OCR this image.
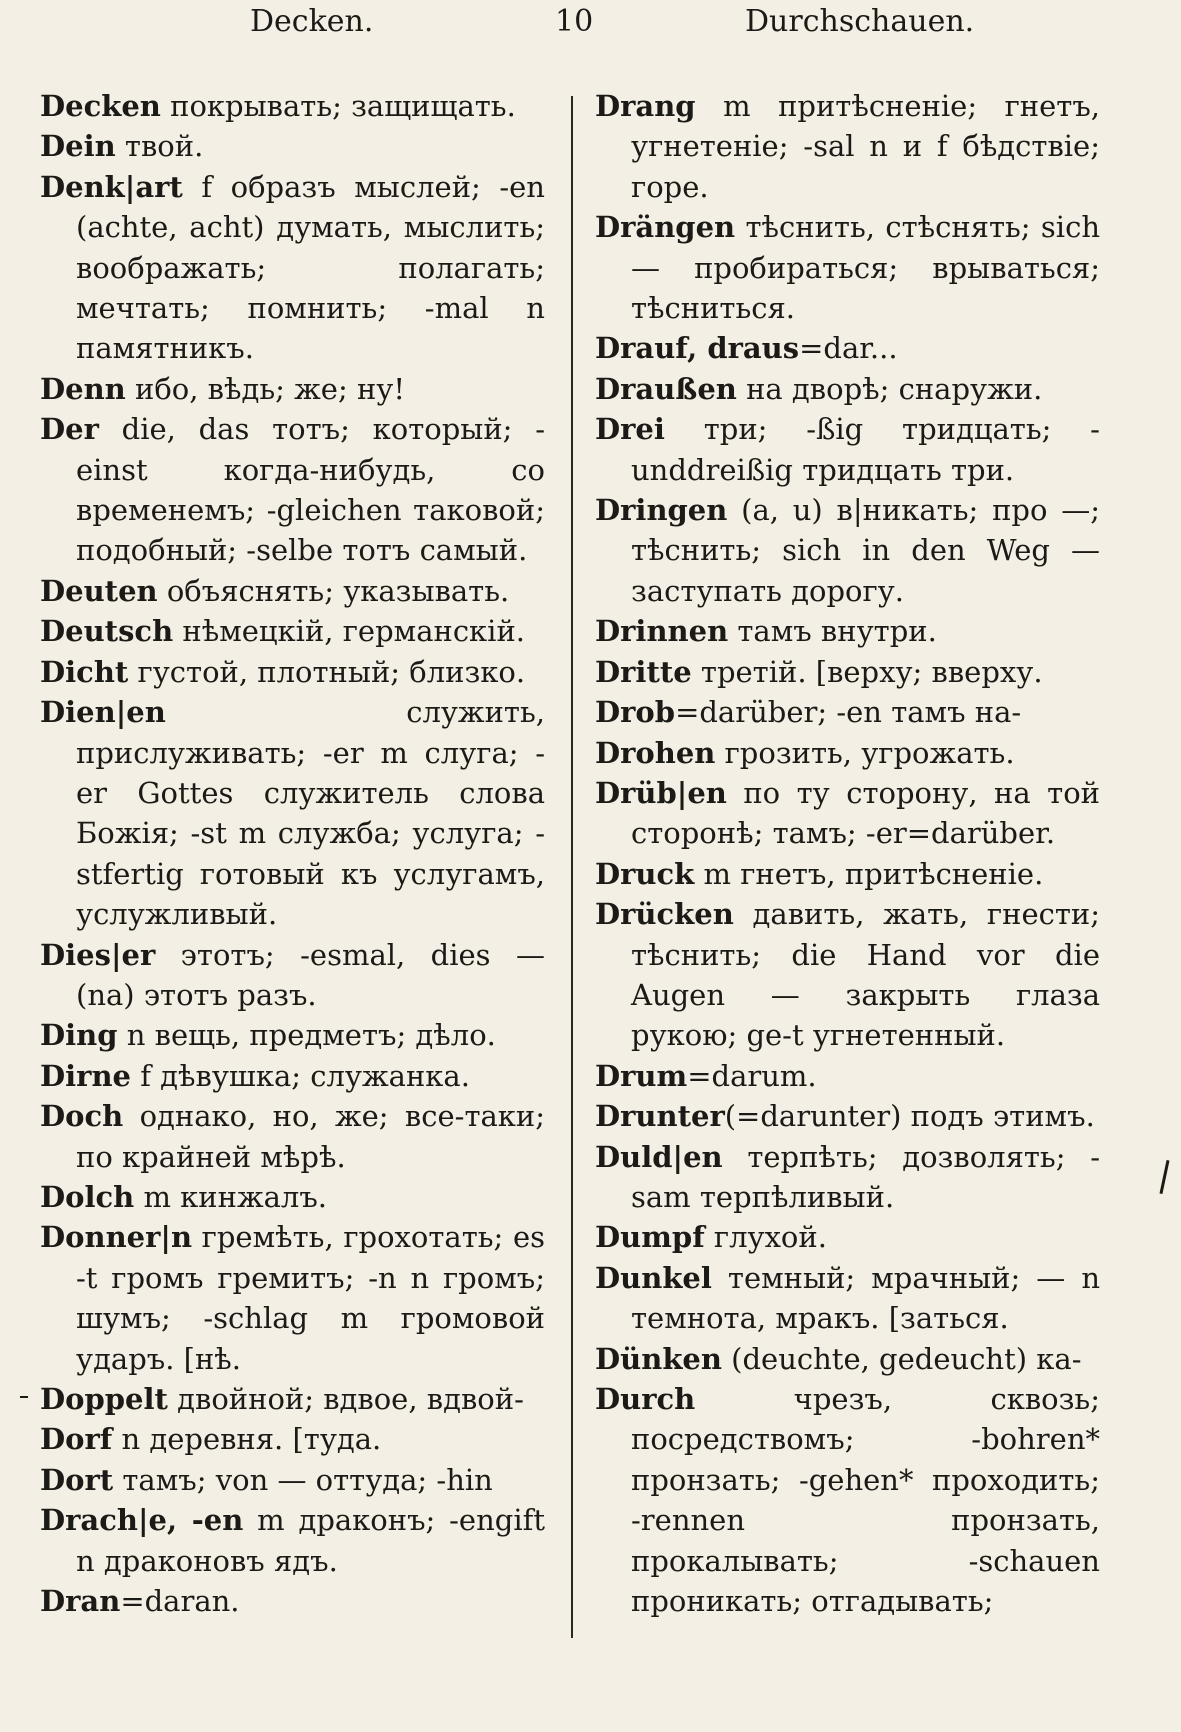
Decken.	10	Durchschauen.

Decken покрывать; защищать.

Dein твой.

Denk|art f образъ мыслей; -en (achte, acht) думать, мыслить; воображать; полагать; мечтать; помнить; -mal n памятникъ.

Denn ибо, вѣдь; же; ну!

Der die, das тотъ; который; -einst когда-нибудь, со временемъ; -gleichen таковой; подобный; -selbe тотъ самый.

Deuten объяснять; указывать.

Deutsch нѣмецкій, германскій.

Dicht густой, плотный; близко.

Dien|en служить, прислуживать; -er m слуга; -er Gottes служитель слова Божія; -st m служба; услуга; -stfertig готовый къ услугамъ, услужливый.

Dies|er этотъ; -esmal, dies — (na) этотъ разъ.

Ding n вещь, предметъ; дѣло.

Dirne f дѣвушка; служанка.

Doch однако, но, же; все-таки; по крайней мѣрѣ.

Dolch m кинжалъ.

Donner|n гремѣть, грохотать; es -t громъ гремитъ; -n n громъ; шумъ; -schlag m громовой ударъ. [нѣ.

Doppelt двойной; вдвое, вдвой-

Dorf n деревня. [туда.

Dort тамъ; von — оттуда; -hin

Drach|e, -en m драконъ; -engift n драконовъ ядъ.

Dran=daran.

Drang m притѣсненіе; гнетъ, угнетеніе; -sal n и f бѣдствіе; горе.

Drängen тѣснить, стѣснять; sich — пробираться; врываться; тѣсниться.

Drauf, draus=dar...

Draußen на дворѣ; снаружи.

Drei три; -ßig тридцать; -unddreißig тридцать три.

Dringen (a, u) в|никать; про —; тѣснить; sich in den Weg — заступать дорогу.

Drinnen тамъ внутри.

Dritte третій. [верху; вверху.

Drob=darüber; -en тамъ на-

Drohen грозить, угрожать.

Drüb|en по ту сторону, на той сторонѣ; тамъ; -er=darüber.

Druck m гнетъ, притѣсненіе.

Drücken давить, жать, гнести; тѣснить; die Hand vor die Augen — закрыть глаза рукою; ge-t угнетенный.

Drum=darum.

Drunter(=darunter) подъ этимъ.

Duld|en терпѣть; дозволять; -sam терпѣливый.

Dumpf глухой.

Dunkel темный; мрачный; — n темнота, мракъ. [заться.

Dünken (deuchte, gedeucht) ка-

Durch чрезъ, сквозь; посредствомъ; -bohren* пронзать; -gehen* проходить; -rennen пронзать, прокалывать; -schauen проникать; отгадывать;
